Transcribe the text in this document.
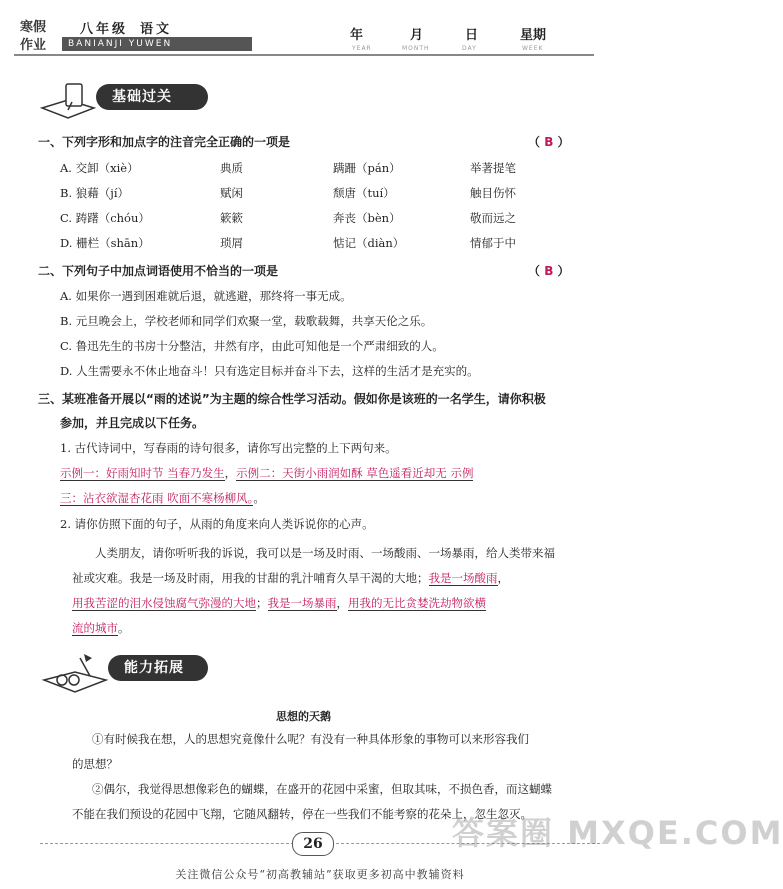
寒假
作业
八年级 语文
BANIANJI YUWEN
年	月	日	星期
YEAR	MONTH	DAY	WEEK
基础过关
一、下列字形和加点字的注音完全正确的一项是	（ B ）
A. 交卸（xiè）	典质	蹒跚（pán）	举著提笔
B. 狼藉（jí）	赋闲	颓唐（tuí）	触目伤怀
C. 踌躇（chóu）	簌簌	奔丧（bèn）	敬而远之
D. 栅栏（shān）	琐屑	惦记（diàn）	情郁于中
二、下列句子中加点词语使用不恰当的一项是	（ B ）
A. 如果你一遇到困难就后退，就逃避，那终将一事无成。
B. 元旦晚会上，学校老师和同学们欢聚一堂，载歌载舞，共享天伦之乐。
C. 鲁迅先生的书房十分整洁，井然有序，由此可知他是一个严肃细致的人。
D. 人生需要永不休止地奋斗！只有选定目标并奋斗下去，这样的生活才是充实的。
三、某班准备开展以“雨的述说”为主题的综合性学习活动。假如你是该班的一名学生，请你积极
参加，并且完成以下任务。
1. 古代诗词中，写春雨的诗句很多，请你写出完整的上下两句来。
示例一：好雨知时节 当春乃发生，示例二：天街小雨润如酥 草色遥看近却无 示例
三：沾衣欲湿杏花雨 吹面不寒杨柳风。。
2. 请你仿照下面的句子，从雨的角度来向人类诉说你的心声。
人类朋友，请你听听我的诉说，我可以是一场及时雨、一场酸雨、一场暴雨，给人类带来福
祉或灾难。我是一场及时雨，用我的甘甜的乳汁哺育久旱干渴的大地；我是一场酸雨，
用我苦涩的泪水侵蚀腐气弥漫的大地；我是一场暴雨，用我的无比贪婪洗劫物欲横
流的城市。
能力拓展
思想的天鹅
①有时候我在想，人的思想究竟像什么呢？有没有一种具体形象的事物可以来形容我们
的思想？
②偶尔，我觉得思想像彩色的蝴蝶，在盛开的花园中采蜜，但取其味，不损色香，而这蝴蝶
不能在我们预设的花园中飞翔，它随风翻转，停在一些我们不能考察的花朵上，忽生忽灭。
26
关注微信公众号“初高教辅站”获取更多初高中教辅资料
答案圈 MXQE.COM
